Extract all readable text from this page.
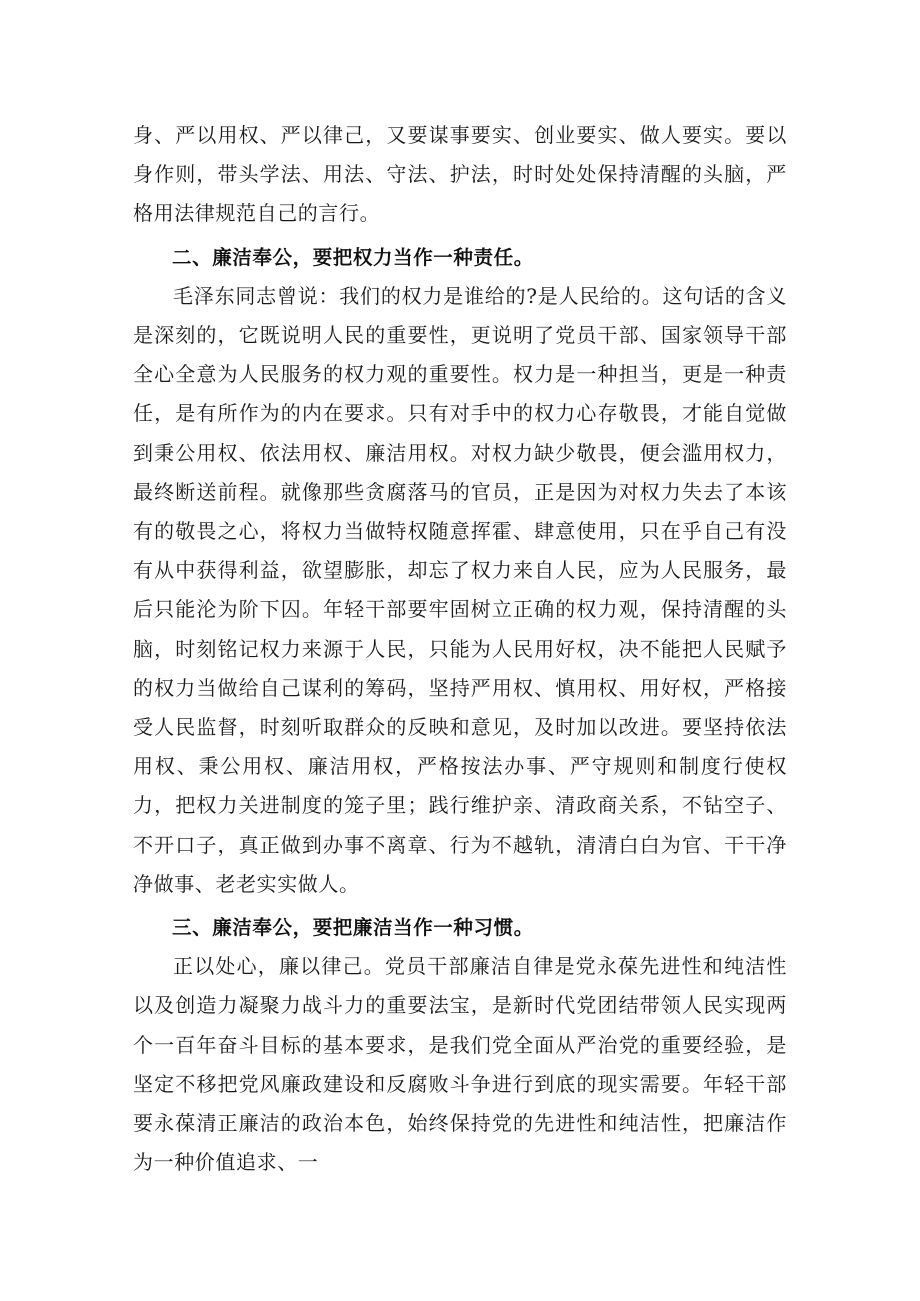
身、严以用权、严以律己，又要谋事要实、创业要实、做人要实。要以身作则，带头学法、用法、守法、护法，时时处处保持清醒的头脑，严格用法律规范自己的言行。

二、廉洁奉公，要把权力当作一种责任。

毛泽东同志曾说：我们的权力是谁给的?是人民给的。这句话的含义是深刻的，它既说明人民的重要性，更说明了党员干部、国家领导干部全心全意为人民服务的权力观的重要性。权力是一种担当，更是一种责任，是有所作为的内在要求。只有对手中的权力心存敬畏，才能自觉做到秉公用权、依法用权、廉洁用权。对权力缺少敬畏，便会滥用权力，最终断送前程。就像那些贪腐落马的官员，正是因为对权力失去了本该有的敬畏之心，将权力当做特权随意挥霍、肆意使用，只在乎自己有没有从中获得利益，欲望膨胀，却忘了权力来自人民，应为人民服务，最后只能沦为阶下囚。年轻干部要牢固树立正确的权力观，保持清醒的头脑，时刻铭记权力来源于人民，只能为人民用好权，决不能把人民赋予的权力当做给自己谋利的筹码，坚持严用权、慎用权、用好权，严格接受人民监督，时刻听取群众的反映和意见，及时加以改进。要坚持依法用权、秉公用权、廉洁用权，严格按法办事、严守规则和制度行使权力，把权力关进制度的笼子里；践行维护亲、清政商关系，不钻空子、不开口子，真正做到办事不离章、行为不越轨，清清白白为官、干干净净做事、老老实实做人。

三、廉洁奉公，要把廉洁当作一种习惯。

正以处心，廉以律己。党员干部廉洁自律是党永葆先进性和纯洁性以及创造力凝聚力战斗力的重要法宝，是新时代党团结带领人民实现两个一百年奋斗目标的基本要求，是我们党全面从严治党的重要经验，是坚定不移把党风廉政建设和反腐败斗争进行到底的现实需要。年轻干部要永葆清正廉洁的政治本色，始终保持党的先进性和纯洁性，把廉洁作为一种价值追求、一
